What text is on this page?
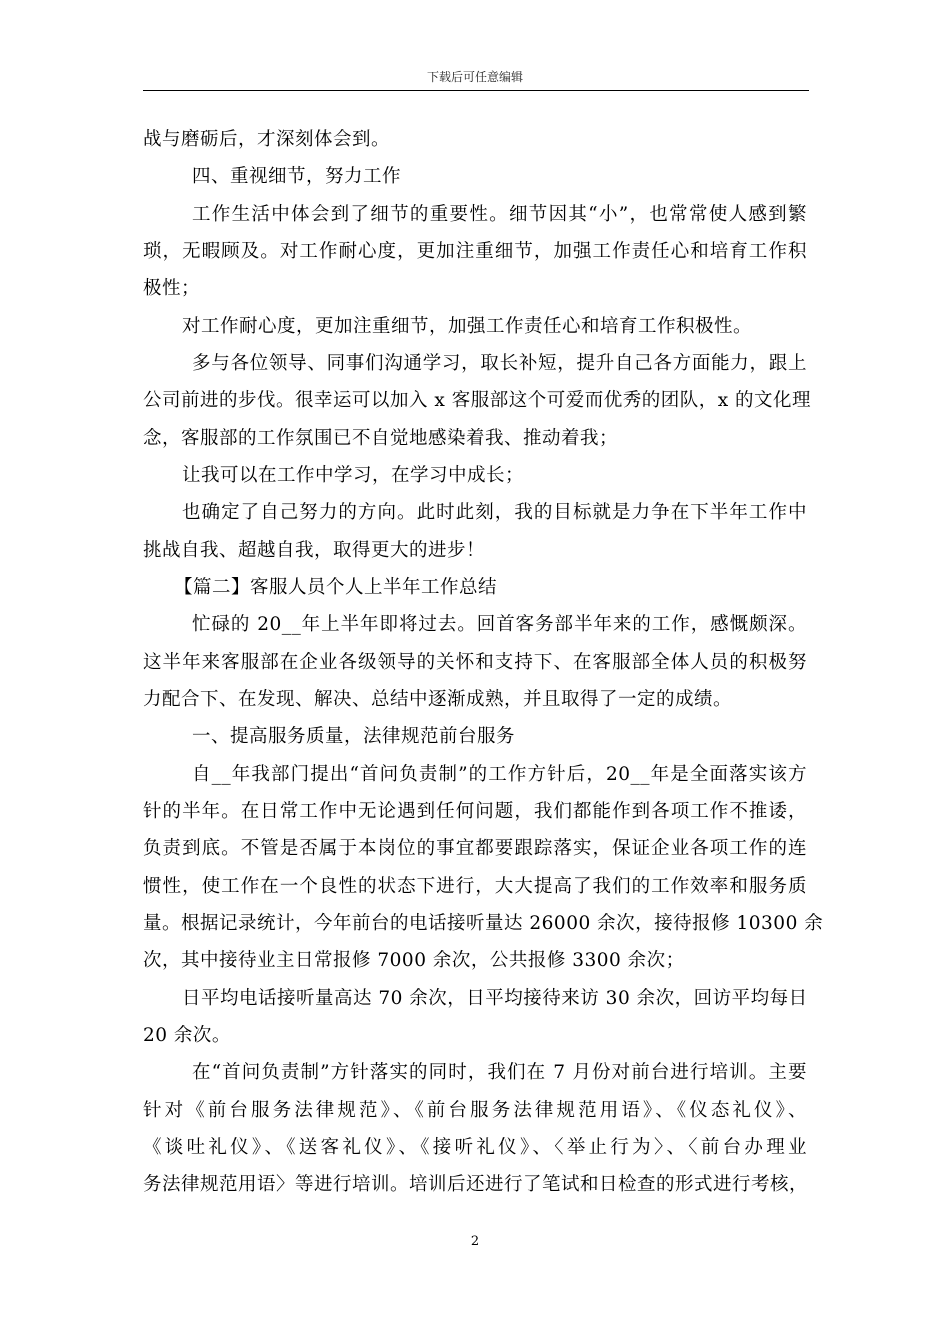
下载后可任意编辑
战与磨砺后，才深刻体会到。
四、重视细节，努力工作
工作生活中体会到了细节的重要性。细节因其“小”，也常常使人感到繁
琐，无暇顾及。对工作耐心度，更加注重细节，加强工作责任心和培育工作积
极性；
对工作耐心度，更加注重细节，加强工作责任心和培育工作积极性。
多与各位领导、同事们沟通学习，取长补短，提升自己各方面能力，跟上
公司前进的步伐。很幸运可以加入 x 客服部这个可爱而优秀的团队，x 的文化理
念，客服部的工作氛围已不自觉地感染着我、推动着我；
让我可以在工作中学习，在学习中成长；
也确定了自己努力的方向。此时此刻，我的目标就是力争在下半年工作中
挑战自我、超越自我，取得更大的进步！
【篇二】客服人员个人上半年工作总结
忙碌的 20__年上半年即将过去。回首客务部半年来的工作，感慨颇深。
这半年来客服部在企业各级领导的关怀和支持下、在客服部全体人员的积极努
力配合下、在发现、解决、总结中逐渐成熟，并且取得了一定的成绩。
一、提高服务质量，法律规范前台服务
自__年我部门提出“首问负责制”的工作方针后，20__年是全面落实该方
针的半年。在日常工作中无论遇到任何问题，我们都能作到各项工作不推诿，
负责到底。不管是否属于本岗位的事宜都要跟踪落实，保证企业各项工作的连
惯性，使工作在一个良性的状态下进行，大大提高了我们的工作效率和服务质
量。根据记录统计，今年前台的电话接听量达 26000 余次，接待报修 10300 余
次，其中接待业主日常报修 7000 余次，公共报修 3300 余次；
日平均电话接听量高达 70 余次，日平均接待来访 30 余次，回访平均每日
20 余次。
在“首问负责制”方针落实的同时，我们在 7 月份对前台进行培训。主要
针对《前台服务法律规范》、《前台服务法律规范用语》、《仪态礼仪》、
《谈吐礼仪》、《送客礼仪》、《接听礼仪》、〈举止行为〉、〈前台办理业
务法律规范用语〉等进行培训。培训后还进行了笔试和日检查的形式进行考核，
2
